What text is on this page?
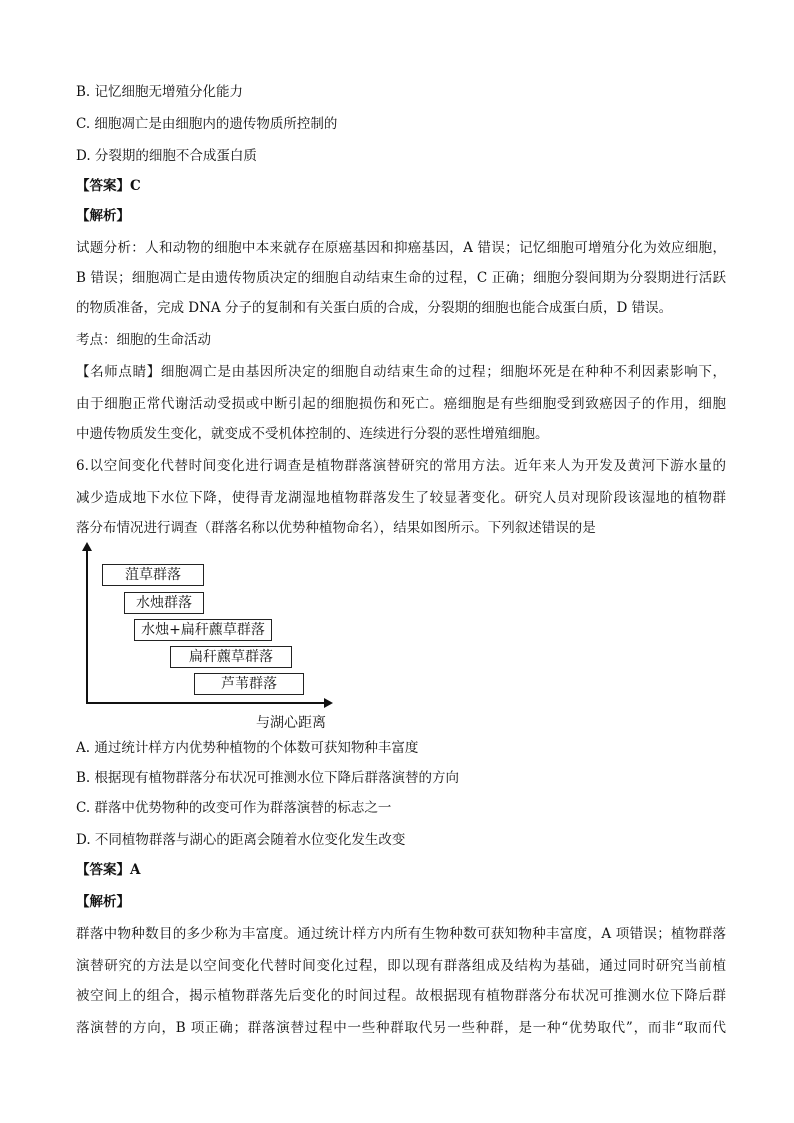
B. 记忆细胞无增殖分化能力
C. 细胞凋亡是由细胞内的遗传物质所控制的
D. 分裂期的细胞不合成蛋白质
【答案】C
【解析】
试题分析：人和动物的细胞中本来就存在原癌基因和抑癌基因，A 错误；记忆细胞可增殖分化为效应细胞，
B 错误；细胞凋亡是由遗传物质决定的细胞自动结束生命的过程，C 正确；细胞分裂间期为分裂期进行活跃
的物质准备，完成 DNA 分子的复制和有关蛋白质的合成，分裂期的细胞也能合成蛋白质，D 错误。
考点：细胞的生命活动
【名师点睛】细胞凋亡是由基因所决定的细胞自动结束生命的过程；细胞坏死是在种种不利因素影响下，
由于细胞正常代谢活动受损或中断引起的细胞损伤和死亡。癌细胞是有些细胞受到致癌因子的作用，细胞
中遗传物质发生变化，就变成不受机体控制的、连续进行分裂的恶性增殖细胞。
6.以空间变化代替时间变化进行调查是植物群落演替研究的常用方法。近年来人为开发及黄河下游水量的
减少造成地下水位下降，使得青龙湖湿地植物群落发生了较显著变化。研究人员对现阶段该湿地的植物群
落分布情况进行调查（群落名称以优势种植物命名），结果如图所示。下列叙述错误的是
菹草群落
水烛群落
水烛+扁秆藨草群落
扁秆藨草群落
芦苇群落
与湖心距离
A. 通过统计样方内优势种植物的个体数可获知物种丰富度
B. 根据现有植物群落分布状况可推测水位下降后群落演替的方向
C. 群落中优势物种的改变可作为群落演替的标志之一
D. 不同植物群落与湖心的距离会随着水位变化发生改变
【答案】A
【解析】
群落中物种数目的多少称为丰富度。通过统计样方内所有生物种数可获知物种丰富度，A 项错误；植物群落
演替研究的方法是以空间变化代替时间变化过程，即以现有群落组成及结构为基础，通过同时研究当前植
被空间上的组合，揭示植物群落先后变化的时间过程。故根据现有植物群落分布状况可推测水位下降后群
落演替的方向，B 项正确；群落演替过程中一些种群取代另一些种群，是一种“优势取代”，而非“取而代
